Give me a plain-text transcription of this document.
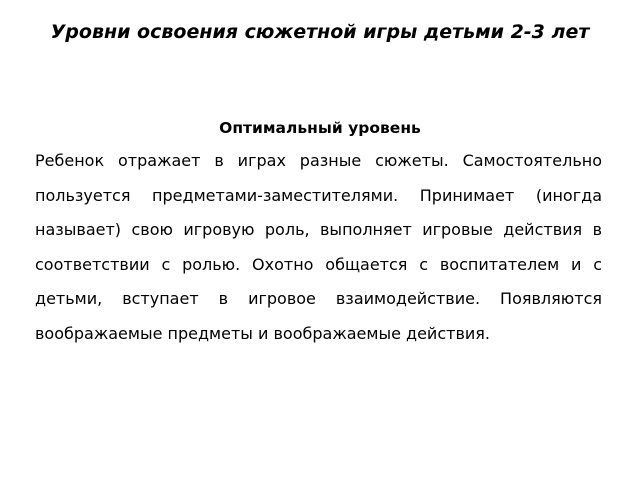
Уровни освоения сюжетной игры детьми 2-3 лет
Оптимальный уровень

Ребенок отражает в играх разные сюжеты. Самостоятельно пользуется предметами-заместителями. Принимает (иногда называет) свою игровую роль, выполняет игровые действия в соответствии с ролью. Охотно общается с воспитателем и с детьми, вступает в игровое взаимодействие. Появляются воображаемые предметы и воображаемые действия.
